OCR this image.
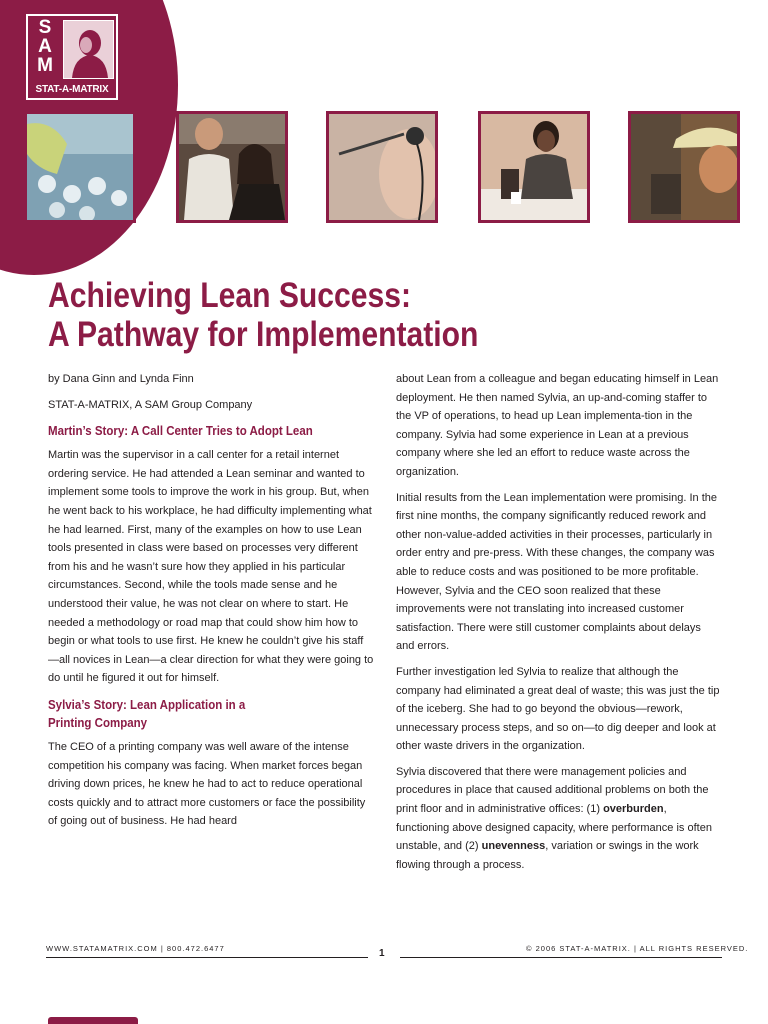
S
A
M
STAT-A-MATRIX
Achieving Lean Success:
A Pathway for Implementation

by Dana Ginn and Lynda Finn

STAT-A-MATRIX, A SAM Group Company

Martin’s Story: A Call Center Tries to Adopt Lean

Martin was the supervisor in a call center for a retail internet ordering service. He had attended a Lean seminar and wanted to implement some tools to improve the work in his group. But, when he went back to his workplace, he had difficulty implementing what he had learned. First, many of the examples on how to use Lean tools presented in class were based on processes very different from his and he wasn’t sure how they applied in his particular circumstances. Second, while the tools made sense and he understood their value, he was not clear on where to start. He needed a methodology or road map that could show him how to begin or what tools to use first. He knew he couldn’t give his staff—all novices in Lean—a clear direction for what they were going to do until he figured it out for himself.

Sylvia’s Story: Lean Application in a
Printing Company

The CEO of a printing company was well aware of the intense competition his company was facing. When market forces began driving down prices, he knew he had to act to reduce operational costs quickly and to attract more customers or face the possibility of going out of business. He had heard

about Lean from a colleague and began educating himself in Lean deployment. He then named Sylvia, an up-and-coming staffer to the VP of operations, to head up Lean implementa-tion in the company. Sylvia had some experience in Lean at a previous company where she led an effort to reduce waste across the organization.

Initial results from the Lean implementation were promising. In the first nine months, the company significantly reduced rework and other non-value-added activities in their processes, particularly in order entry and pre-press. With these changes, the company was able to reduce costs and was positioned to be more profitable. However, Sylvia and the CEO soon realized that these improvements were not translating into increased customer satisfaction. There were still customer complaints about delays and errors.

Further investigation led Sylvia to realize that although the company had eliminated a great deal of waste; this was just the tip of the iceberg. She had to go beyond the obvious—rework, unnecessary process steps, and so on—to dig deeper and look at other waste drivers in the organization.

Sylvia discovered that there were management policies and procedures in place that caused additional problems on both the print floor and in administrative offices: (1) overburden, functioning above designed capacity, where performance is often unstable, and (2) unevenness, variation or swings in the work flowing through a process.

WWW.STATAMATRIX.COM | 800.472.6477	1	© 2006 STAT-A-MATRIX. | ALL RIGHTS RESERVED.
